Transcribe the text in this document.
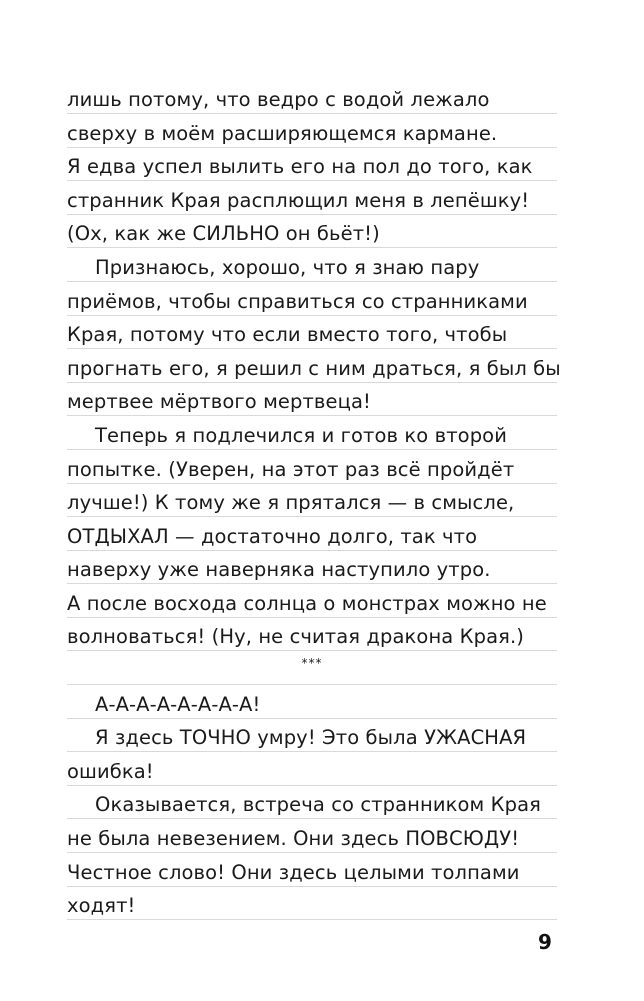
лишь потому, что ведро с водой лежало
сверху в моём расширяющемся кармане.
Я едва успел вылить его на пол до того, как
странник Края расплющил меня в лепёшку!
(Ох, как же СИЛЬНО он бьёт!)
Признаюсь, хорошо, что я знаю пару
приёмов, чтобы справиться со странниками
Края, потому что если вместо того, чтобы
прогнать его, я решил с ним драться, я был бы
мертвее мёртвого мертвеца!
Теперь я подлечился и готов ко второй
попытке. (Уверен, на этот раз всё пройдёт
лучше!) К тому же я прятался — в смысле,
ОТДЫХАЛ — достаточно долго, так что
наверху уже наверняка наступило утро.
А после восхода солнца о монстрах можно не
волноваться! (Ну, не считая дракона Края.)
***
А-А-А-А-А-А-А-А!
Я здесь ТОЧНО умру! Это была УЖАСНАЯ
ошибка!
Оказывается, встреча со странником Края
не была невезением. Они здесь ПОВСЮДУ!
Честное слово! Они здесь целыми толпами
ходят!
9
